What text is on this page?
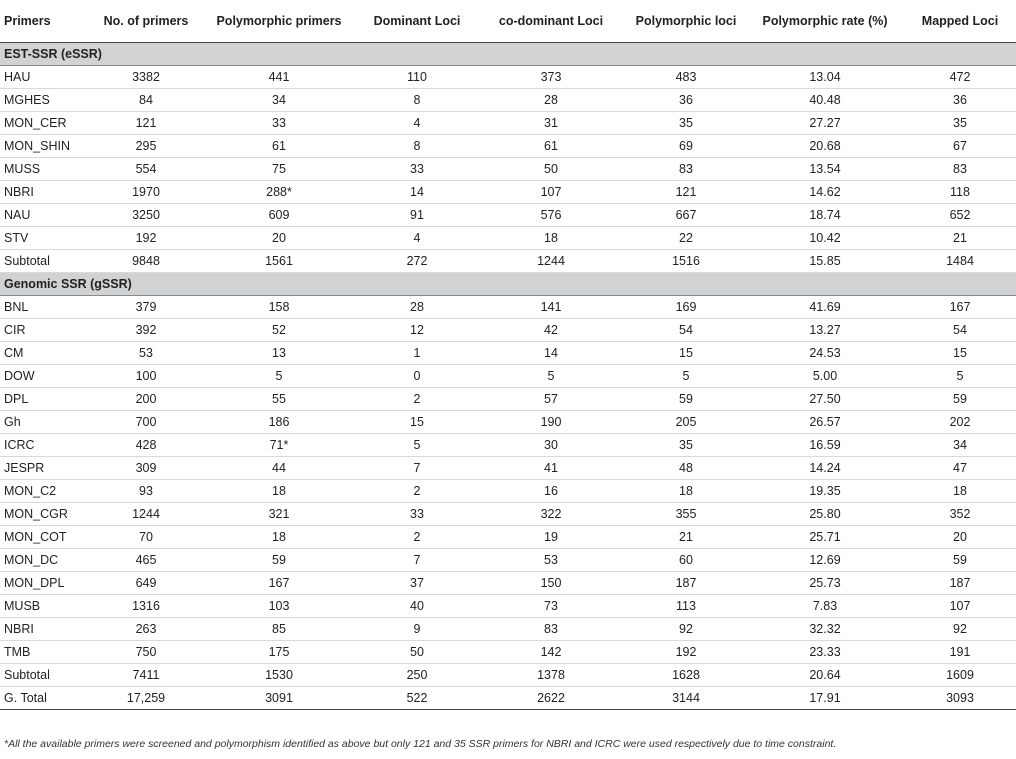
Primers	No. of primers	Polymorphic primers	Dominant Loci	co-dominant Loci	Polymorphic loci	Polymorphic rate (%)	Mapped Loci
EST-SSR (eSSR)							
HAU	3382	441	110	373	483	13.04	472
MGHES	84	34	8	28	36	40.48	36
MON_CER	121	33	4	31	35	27.27	35
MON_SHIN	295	61	8	61	69	20.68	67
MUSS	554	75	33	50	83	13.54	83
NBRI	1970	288*	14	107	121	14.62	118
NAU	3250	609	91	576	667	18.74	652
STV	192	20	4	18	22	10.42	21
Subtotal	9848	1561	272	1244	1516	15.85	1484
Genomic SSR (gSSR)							
BNL	379	158	28	141	169	41.69	167
CIR	392	52	12	42	54	13.27	54
CM	53	13	1	14	15	24.53	15
DOW	100	5	0	5	5	5.00	5
DPL	200	55	2	57	59	27.50	59
Gh	700	186	15	190	205	26.57	202
ICRC	428	71*	5	30	35	16.59	34
JESPR	309	44	7	41	48	14.24	47
MON_C2	93	18	2	16	18	19.35	18
MON_CGR	1244	321	33	322	355	25.80	352
MON_COT	70	18	2	19	21	25.71	20
MON_DC	465	59	7	53	60	12.69	59
MON_DPL	649	167	37	150	187	25.73	187
MUSB	1316	103	40	73	113	7.83	107
NBRI	263	85	9	83	92	32.32	92
TMB	750	175	50	142	192	23.33	191
Subtotal	7411	1530	250	1378	1628	20.64	1609
G. Total	17,259	3091	522	2622	3144	17.91	3093
*All the available primers were screened and polymorphism identified as above but only 121 and 35 SSR primers for NBRI and ICRC were used respectively due to time constraint.
